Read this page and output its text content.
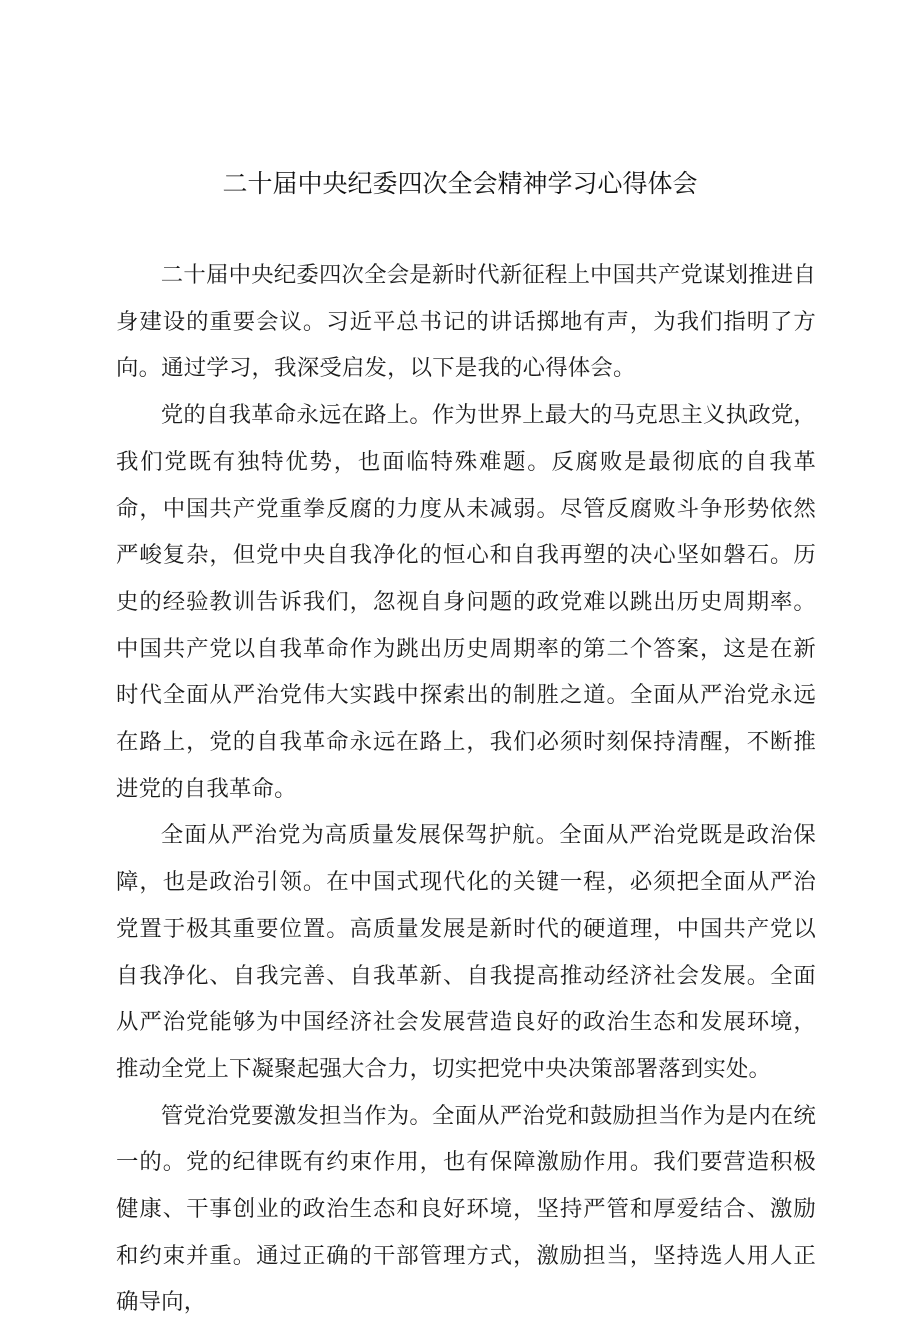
二十届中央纪委四次全会精神学习心得体会

二十届中央纪委四次全会是新时代新征程上中国共产党谋划推进自身建设的重要会议。习近平总书记的讲话掷地有声，为我们指明了方向。通过学习，我深受启发，以下是我的心得体会。

党的自我革命永远在路上。作为世界上最大的马克思主义执政党，我们党既有独特优势，也面临特殊难题。反腐败是最彻底的自我革命，中国共产党重拳反腐的力度从未减弱。尽管反腐败斗争形势依然严峻复杂，但党中央自我净化的恒心和自我再塑的决心坚如磐石。历史的经验教训告诉我们，忽视自身问题的政党难以跳出历史周期率。中国共产党以自我革命作为跳出历史周期率的第二个答案，这是在新时代全面从严治党伟大实践中探索出的制胜之道。全面从严治党永远在路上，党的自我革命永远在路上，我们必须时刻保持清醒，不断推进党的自我革命。

全面从严治党为高质量发展保驾护航。全面从严治党既是政治保障，也是政治引领。在中国式现代化的关键一程，必须把全面从严治党置于极其重要位置。高质量发展是新时代的硬道理，中国共产党以自我净化、自我完善、自我革新、自我提高推动经济社会发展。全面从严治党能够为中国经济社会发展营造良好的政治生态和发展环境，推动全党上下凝聚起强大合力，切实把党中央决策部署落到实处。

管党治党要激发担当作为。全面从严治党和鼓励担当作为是内在统一的。党的纪律既有约束作用，也有保障激励作用。我们要营造积极健康、干事创业的政治生态和良好环境，坚持严管和厚爱结合、激励和约束并重。通过正确的干部管理方式，激励担当，坚持选人用人正确导向，
